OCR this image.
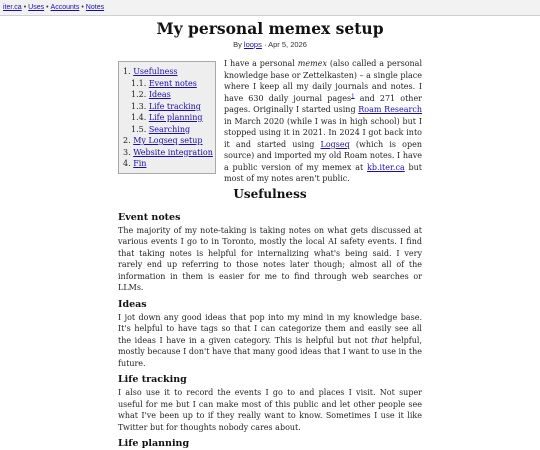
iter.ca • Uses • Accounts • Notes
My personal memex setup
By loops · Apr 5, 2026
1. Usefulness
1.1. Event notes
1.2. Ideas
1.3. Life tracking
1.4. Life planning
1.5. Searching
2. My Logseq setup
3. Website integration
4. Fin

I have a personal memex (also called a personal knowledge base or Zettelkasten) – a single place where I keep all my daily journals and notes. I have 630 daily journal pages$^1$ and 271 other pages. Originally I started using Roam Research in March 2020 (while I was in high school) but I stopped using it in 2021. In 2024 I got back into it and started using Logseq (which is open source) and imported my old Roam notes. I have a public version of my memex at kb.iter.ca but most of my notes aren't public.

Usefulness
Event notes

The majority of my note-taking is taking notes on what gets discussed at various events I go to in Toronto, mostly the local AI safety events. I find that taking notes is helpful for internalizing what's being said. I very rarely end up referring to those notes later though; almost all of the information in them is easier for me to find through web searches or LLMs.

Ideas

I jot down any good ideas that pop into my mind in my knowledge base. It's helpful to have tags so that I can categorize them and easily see all the ideas I have in a given category. This is helpful but not that helpful, mostly because I don't have that many good ideas that I want to use in the future.

Life tracking

I also use it to record the events I go to and places I visit. Not super useful for me but I can make most of this public and let other people see what I've been up to if they really want to know. Sometimes I use it like Twitter but for thoughts nobody cares about.

Life planning
